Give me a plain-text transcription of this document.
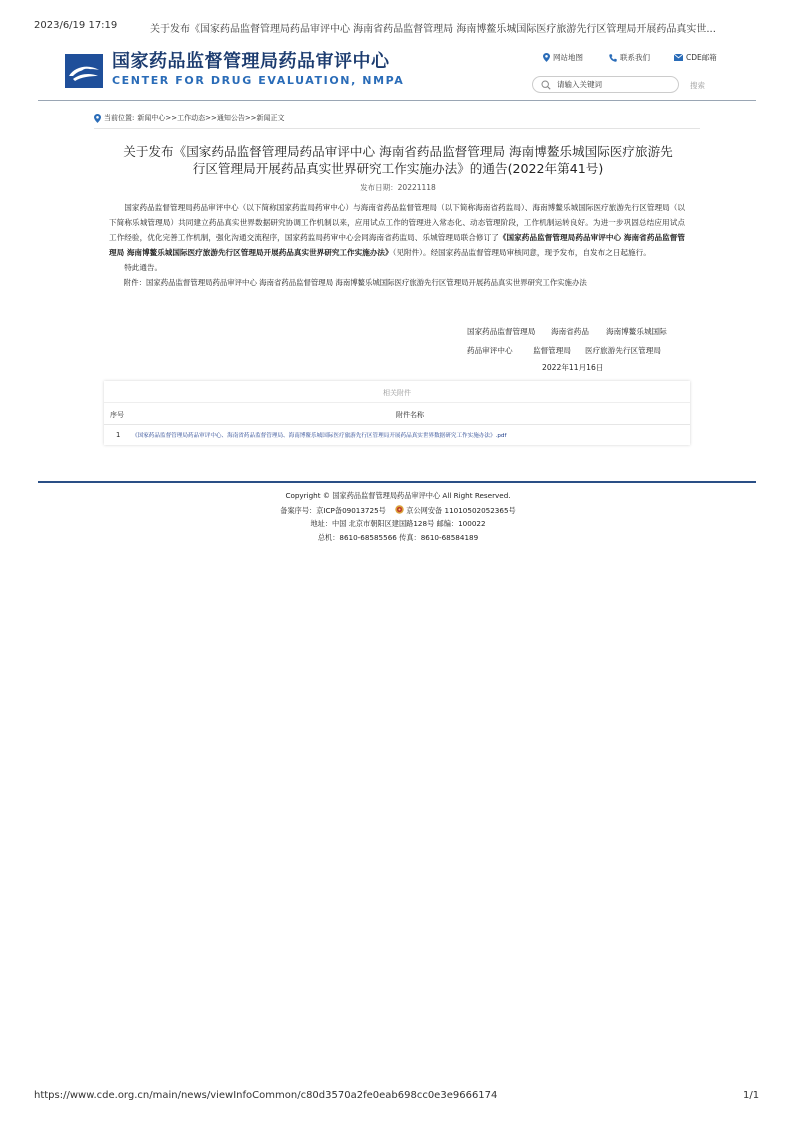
2023/6/19 17:19	关于发布《国家药品监督管理局药品审评中心 海南省药品监督管理局 海南博鳌乐城国际医疗旅游先行区管理局开展药品真实世...
国家药品监督管理局药品审评中心
CENTER FOR DRUG EVALUATION, NMPA
网站地图	联系我们	CDE邮箱
请输入关键词
搜索
当前位置: 新闻中心>>工作动态>>通知公告>>新闻正文
关于发布《国家药品监督管理局药品审评中心 海南省药品监督管理局 海南博鳌乐城国际医疗旅游先
行区管理局开展药品真实世界研究工作实施办法》的通告(2022年第41号)
发布日期：20221118

国家药品监督管理局药品审评中心（以下简称国家药监局药审中心）与海南省药品监督管理局（以下简称海南省药监局）、海南博鳌乐城国际医疗旅游先行区管理局（以下简称乐城管理局）共同建立药品真实世界数据研究协调工作机制以来，应用试点工作的管理进入常态化、动态管理阶段，工作机制运转良好。为进一步巩固总结应用试点工作经验，优化完善工作机制，强化沟通交流程序，国家药监局药审中心会同海南省药监局、乐城管理局联合修订了《国家药品监督管理局药品审评中心 海南省药品监督管理局 海南博鳌乐城国际医疗旅游先行区管理局开展药品真实世界研究工作实施办法》（见附件）。经国家药品监督管理局审核同意，现予发布，自发布之日起施行。

特此通告。

附件：国家药品监督管理局药品审评中心 海南省药品监督管理局 海南博鳌乐城国际医疗旅游先行区管理局开展药品真实世界研究工作实施办法

国家药品监督管理局 海南省药品 海南博鳌乐城国际
药品审评中心	监督管理局 医疗旅游先行区管理局
2022年11月16日
相关附件
序号	附件名称
1 《国家药品监督管理局药品审评中心、海南省药品监督管理局、海南博鳌乐城国际医疗旅游先行区管理局开展药品真实世界数据研究工作实施办法》.pdf
Copyright © 国家药品监督管理局药品审评中心 All Right Reserved.
备案序号：京ICP备09013725号	京公网安备 11010502052365号
地址：中国 北京市朝阳区建国路128号 邮编：100022
总机：8610-68585566 传真：8610-68584189
https://www.cde.org.cn/main/news/viewInfoCommon/c80d3570a2fe0eab698cc0e3e9666174	1/1
